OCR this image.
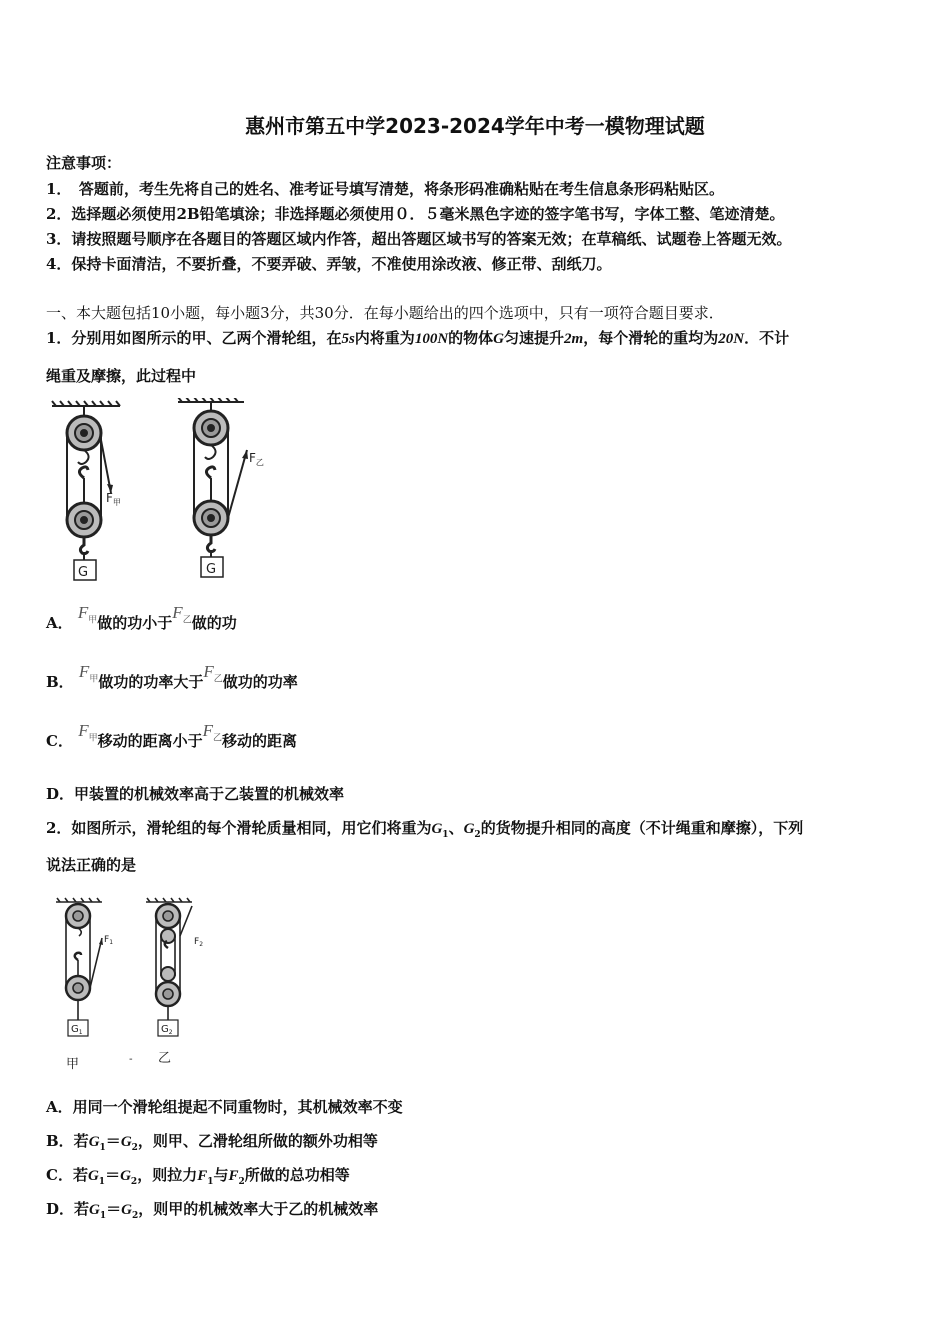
惠州市第五中学2023-2024学年中考一模物理试题
注意事项：
1．　答题前，考生先将自己的姓名、准考证号填写清楚，将条形码准确粘贴在考生信息条形码粘贴区。
2．选择题必须使用2B铅笔填涂；非选择题必须使用０．５毫米黑色字迹的签字笔书写，字体工整、笔迹清楚。
3．请按照题号顺序在各题目的答题区域内作答，超出答题区域书写的答案无效；在草稿纸、试题卷上答题无效。
4．保持卡面清洁，不要折叠，不要弄破、弄皱，不准使用涂改液、修正带、刮纸刀。
一、本大题包括10小题，每小题3分，共30分．在每小题给出的四个选项中，只有一项符合题目要求．
1．分别用如图所示的甲、乙两个滑轮组，在5s内将重为100N的物体G匀速提升2m，每个滑轮的重均为20N．不计
绳重及摩擦，此过程中
$F_甲$
G
$F_乙$
G
A． $F_甲$做的功小于$F_乙$做的功
B． $F_甲$做功的功率大于$F_乙$做功的功率
C． $F_甲$移动的距离小于$F_乙$移动的距离
D．甲装置的机械效率高于乙装置的机械效率
2．如图所示，滑轮组的每个滑轮质量相同，用它们将重为$G_1$、$G_2$的货物提升相同的高度（不计绳重和摩擦），下列
说法正确的是
$F_1$
$G_1$
甲	-
$F_2$
$G_2$
乙
A．用同一个滑轮组提起不同重物时，其机械效率不变
B．若$G_1=G_2$，则甲、乙滑轮组所做的额外功相等
C．若$G_1=G_2$，则拉力$F_1$与$F_2$所做的总功相等
D．若$G_1=G_2$，则甲的机械效率大于乙的机械效率
